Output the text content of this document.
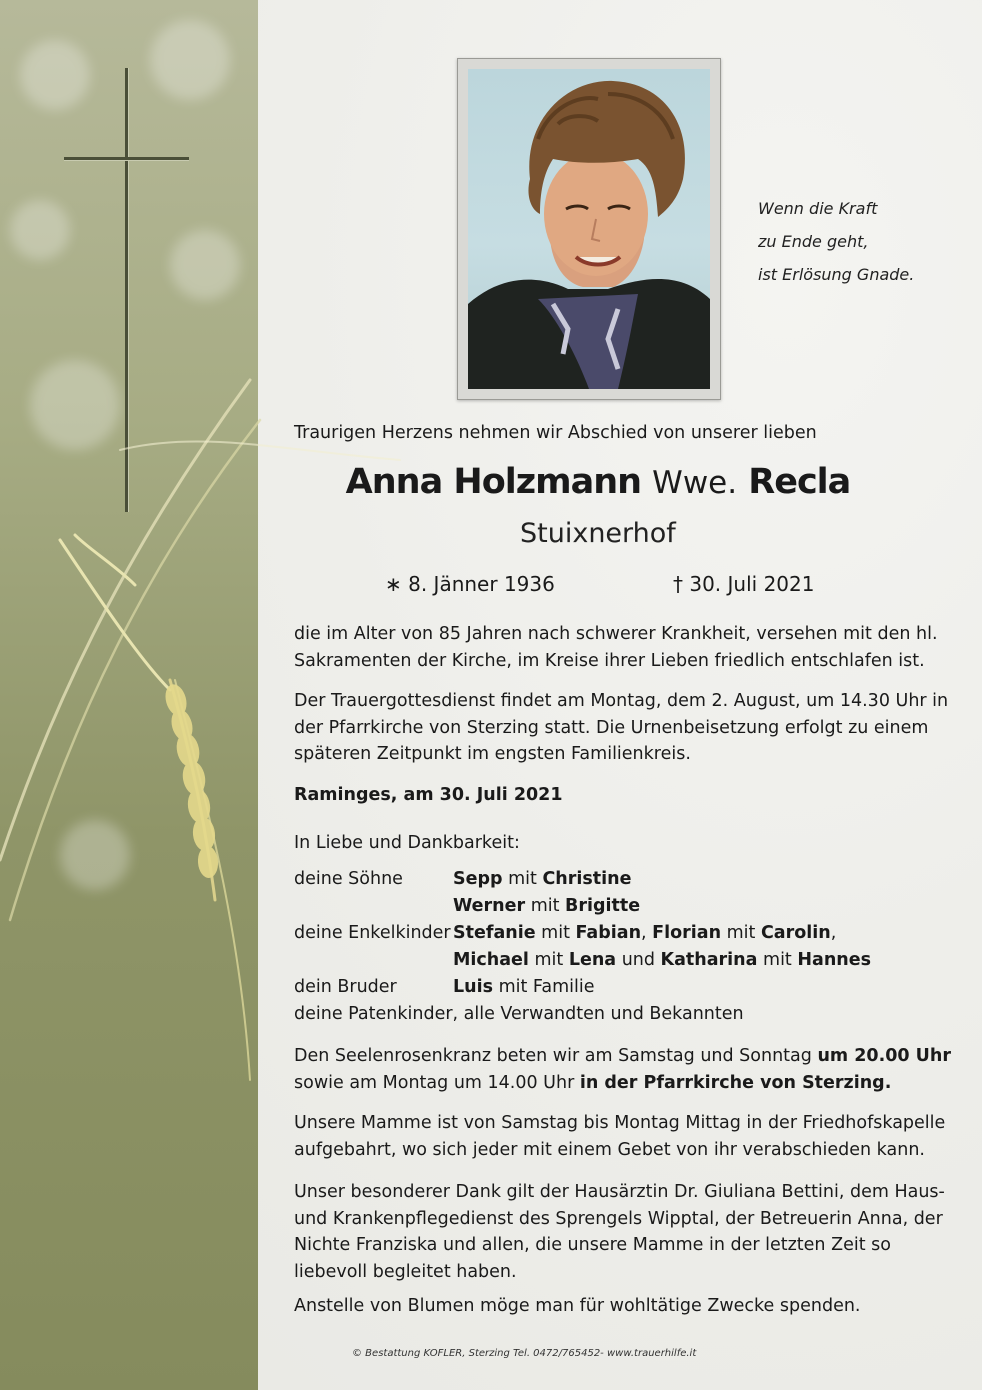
Wenn die Kraft
zu Ende geht,
ist Erlösung Gnade.
Traurigen Herzens nehmen wir Abschied von unserer lieben
Anna Holzmann Wwe. Recla
Stuixnerhof
∗ 8. Jänner 1936	† 30. Juli 2021
die im Alter von 85 Jahren nach schwerer Krankheit, versehen mit den hl. Sakramenten der Kirche, im Kreise ihrer Lieben friedlich entschlafen ist.
Der Trauergottesdienst findet am Montag, dem 2. August, um 14.30 Uhr in der Pfarrkirche von Sterzing statt. Die Urnenbeisetzung erfolgt zu einem späteren Zeitpunkt im engsten Familienkreis.
Raminges, am 30. Juli 2021
In Liebe und Dankbarkeit:
deine Söhne	Sepp mit Christine
Werner mit Brigitte
deine Enkelkinder Stefanie mit Fabian, Florian mit Carolin,
Michael mit Lena und Katharina mit Hannes
dein Bruder	Luis mit Familie
deine Patenkinder, alle Verwandten und Bekannten
Den Seelenrosenkranz beten wir am Samstag und Sonntag um 20.00 Uhr
sowie am Montag um 14.00 Uhr in der Pfarrkirche von Sterzing.
Unsere Mamme ist von Samstag bis Montag Mittag in der Friedhofskapelle aufgebahrt, wo sich jeder mit einem Gebet von ihr verabschieden kann.
Unser besonderer Dank gilt der Hausärztin Dr. Giuliana Bettini, dem Haus- und Krankenpflegedienst des Sprengels Wipptal, der Betreuerin Anna, der Nichte Franziska und allen, die unsere Mamme in der letzten Zeit so liebevoll begleitet haben.
Anstelle von Blumen möge man für wohltätige Zwecke spenden.
© Bestattung KOFLER, Sterzing Tel. 0472/765452- www.trauerhilfe.it
